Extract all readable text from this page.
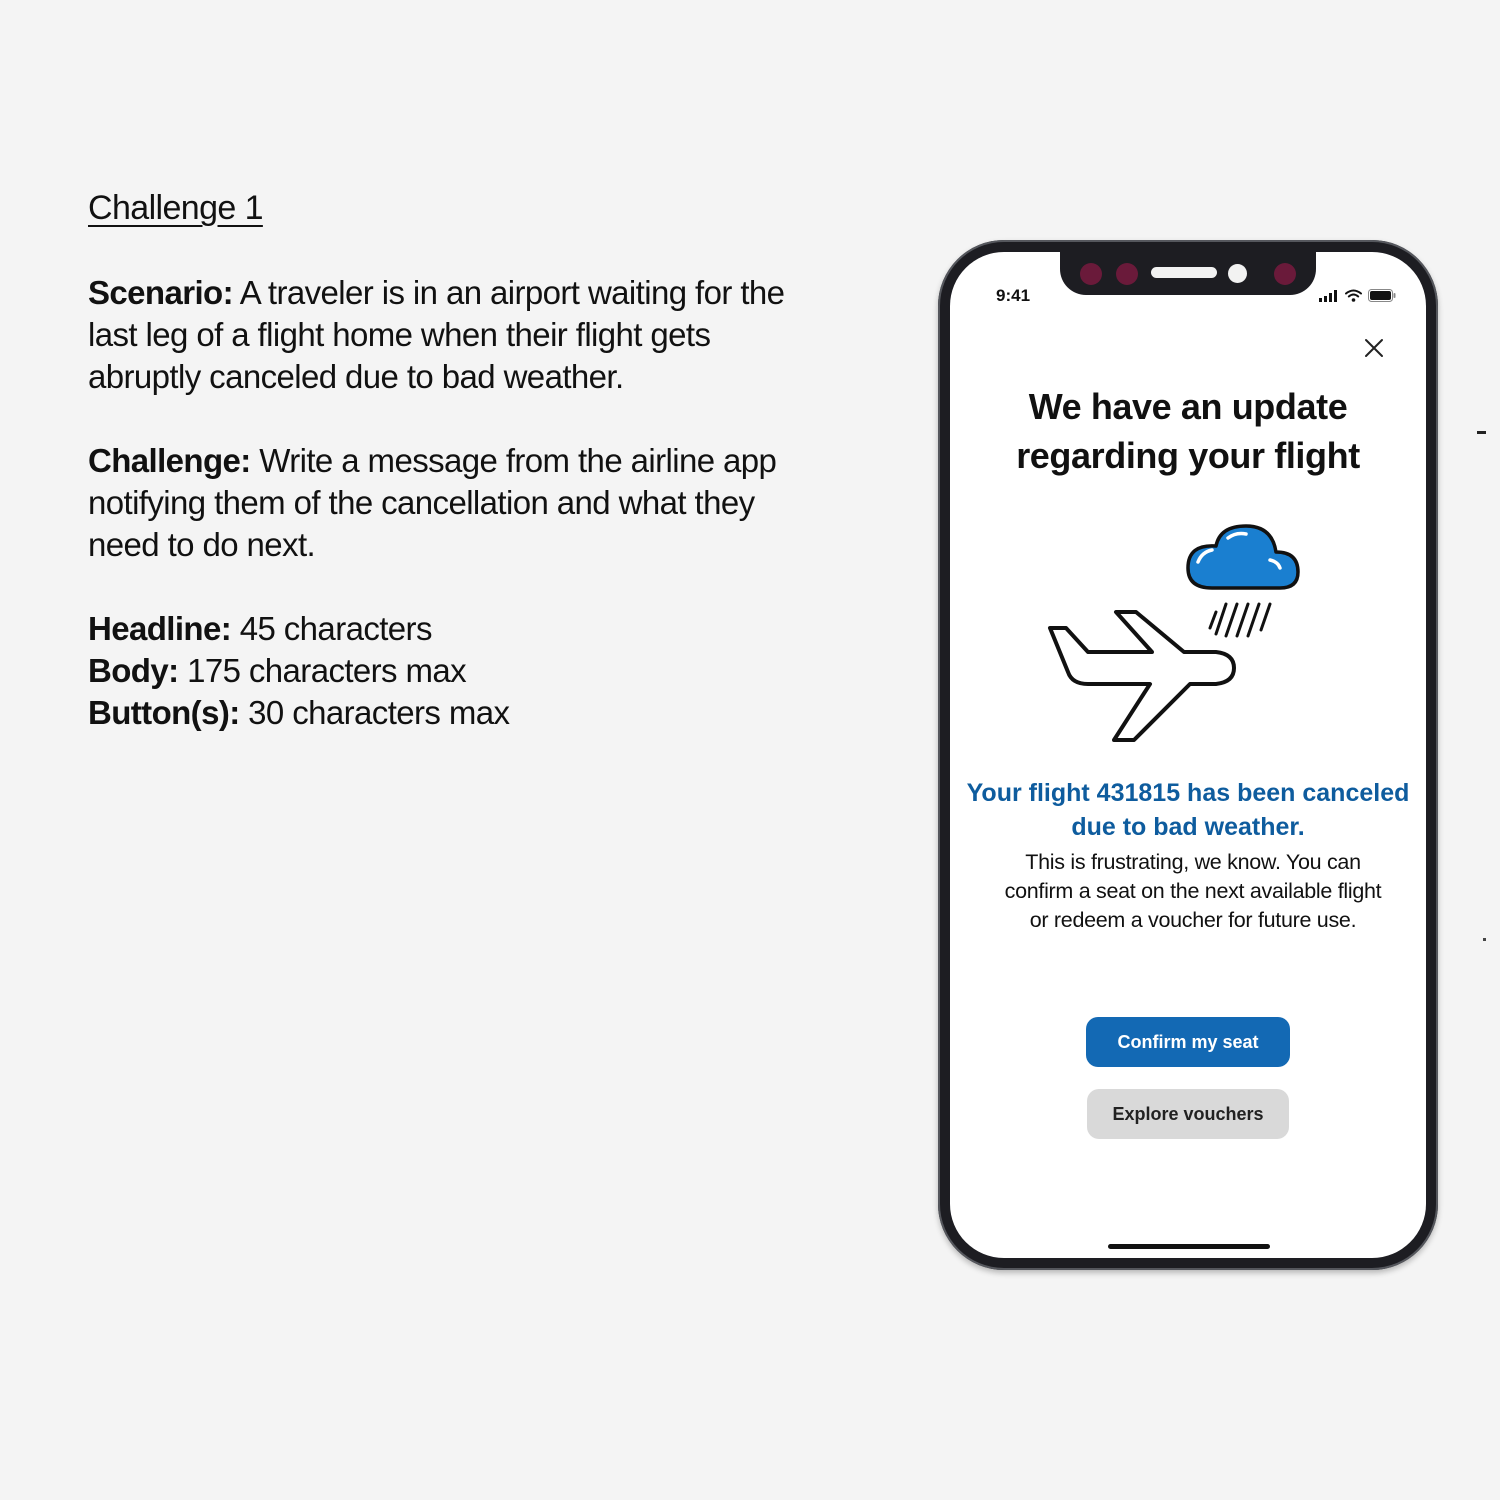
Challenge 1

Scenario: A traveler is in an airport waiting for the last leg of a flight home when their flight gets abruptly canceled due to bad weather.

Challenge: Write a message from the airline app notifying them of the cancellation and what they need to do next.

Headline: 45 characters

Body: 175 characters max

Button(s): 30 characters max

9:41
We have an update regarding your flight
Your flight 431815 has been canceled due to bad weather.
This is frustrating, we know. You can confirm a seat on the next available flight or redeem a voucher for future use.
Confirm my seat
Explore vouchers
